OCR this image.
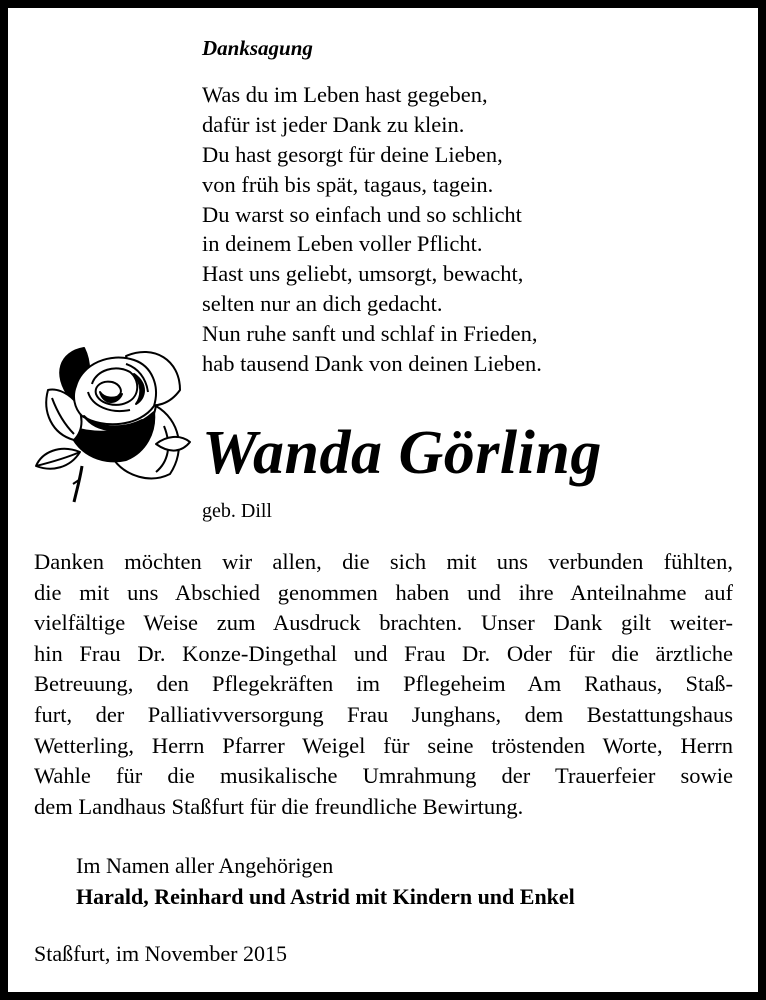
Danksagung
Was du im Leben hast gegeben,
dafür ist jeder Dank zu klein.
Du hast gesorgt für deine Lieben,
von früh bis spät, tagaus, tagein.
Du warst so einfach und so schlicht
in deinem Leben voller Pflicht.
Hast uns geliebt, umsorgt, bewacht,
selten nur an dich gedacht.
Nun ruhe sanft und schlaf in Frieden,
hab tausend Dank von deinen Lieben.
Wanda Görling
geb. Dill
Danken möchten wir allen, die sich mit uns verbunden fühlten,
die mit uns Abschied genommen haben und ihre Anteilnahme auf
vielfältige Weise zum Ausdruck brachten. Unser Dank gilt weiter-
hin Frau Dr. Konze-Dingethal und Frau Dr. Oder für die ärztliche
Betreuung, den Pflegekräften im Pflegeheim Am Rathaus, Staß-
furt, der Palliativversorgung Frau Junghans, dem Bestattungshaus
Wetterling, Herrn Pfarrer Weigel für seine tröstenden Worte, Herrn
Wahle für die musikalische Umrahmung der Trauerfeier sowie
dem Landhaus Staßfurt für die freundliche Bewirtung.
Im Namen aller Angehörigen
Harald, Reinhard und Astrid mit Kindern und Enkel
Staßfurt, im November 2015
